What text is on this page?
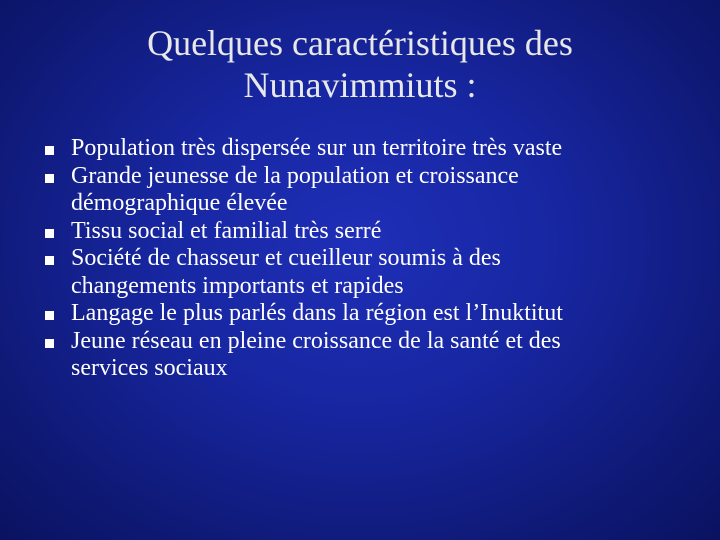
Quelques caractéristiques des
Nunavimmiuts :
Population très dispersée sur un territoire très vaste
Grande jeunesse de la population et croissance
démographique élevée
Tissu social et familial très serré
Société de chasseur et cueilleur soumis à des
changements importants et rapides
Langage le plus parlés dans la région est l’Inuktitut
Jeune réseau en pleine croissance de la santé et des
services sociaux
